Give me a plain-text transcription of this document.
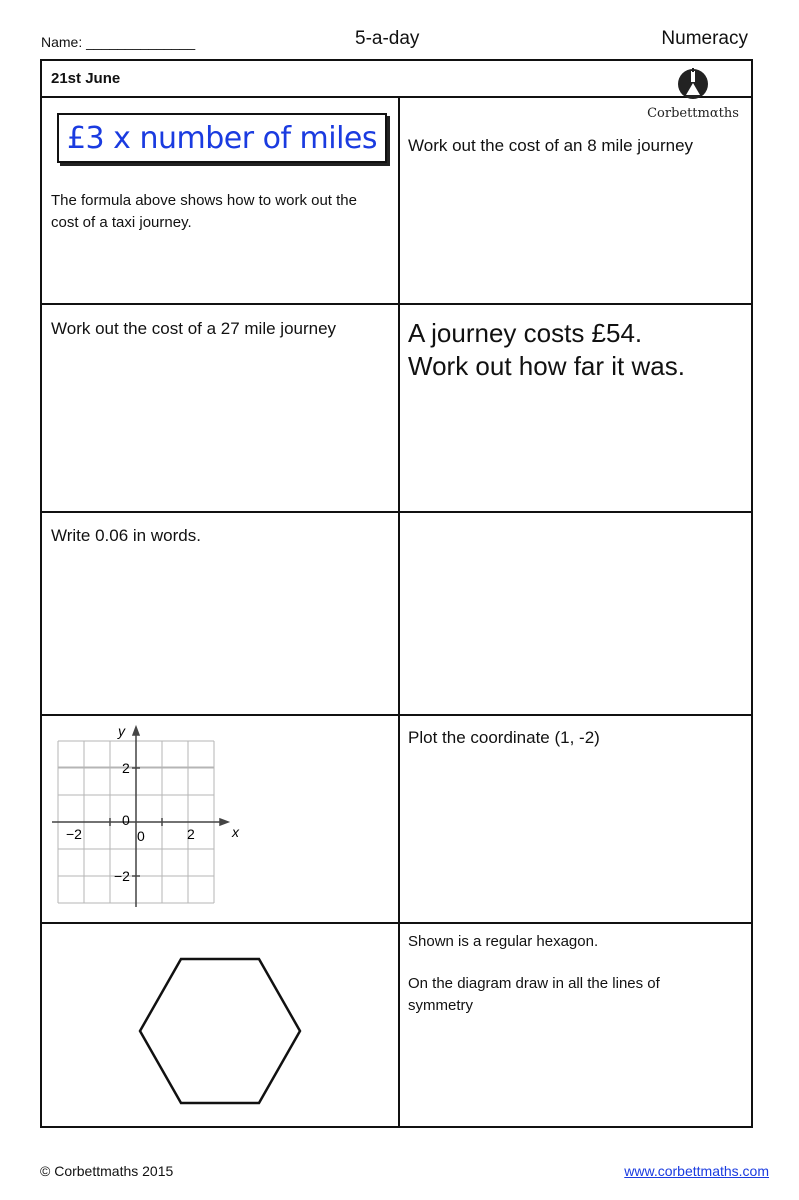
Name: ______________	5-a-day	Numeracy
21st June
Corbettmαths
£3 x number of miles
The formula above shows how to work out the cost of a taxi journey.
Work out the cost of an 8 mile journey
Work out the cost of a 27 mile journey	A journey costs £54.
Work out how far it was.
Write 0.06 in words.
y
x
2
0
−2
−2	0	2
Plot the coordinate (1, -2)
Shown is a regular hexagon.
On the diagram draw in all the lines of symmetry
© Corbettmaths 2015	www.corbettmaths.com
